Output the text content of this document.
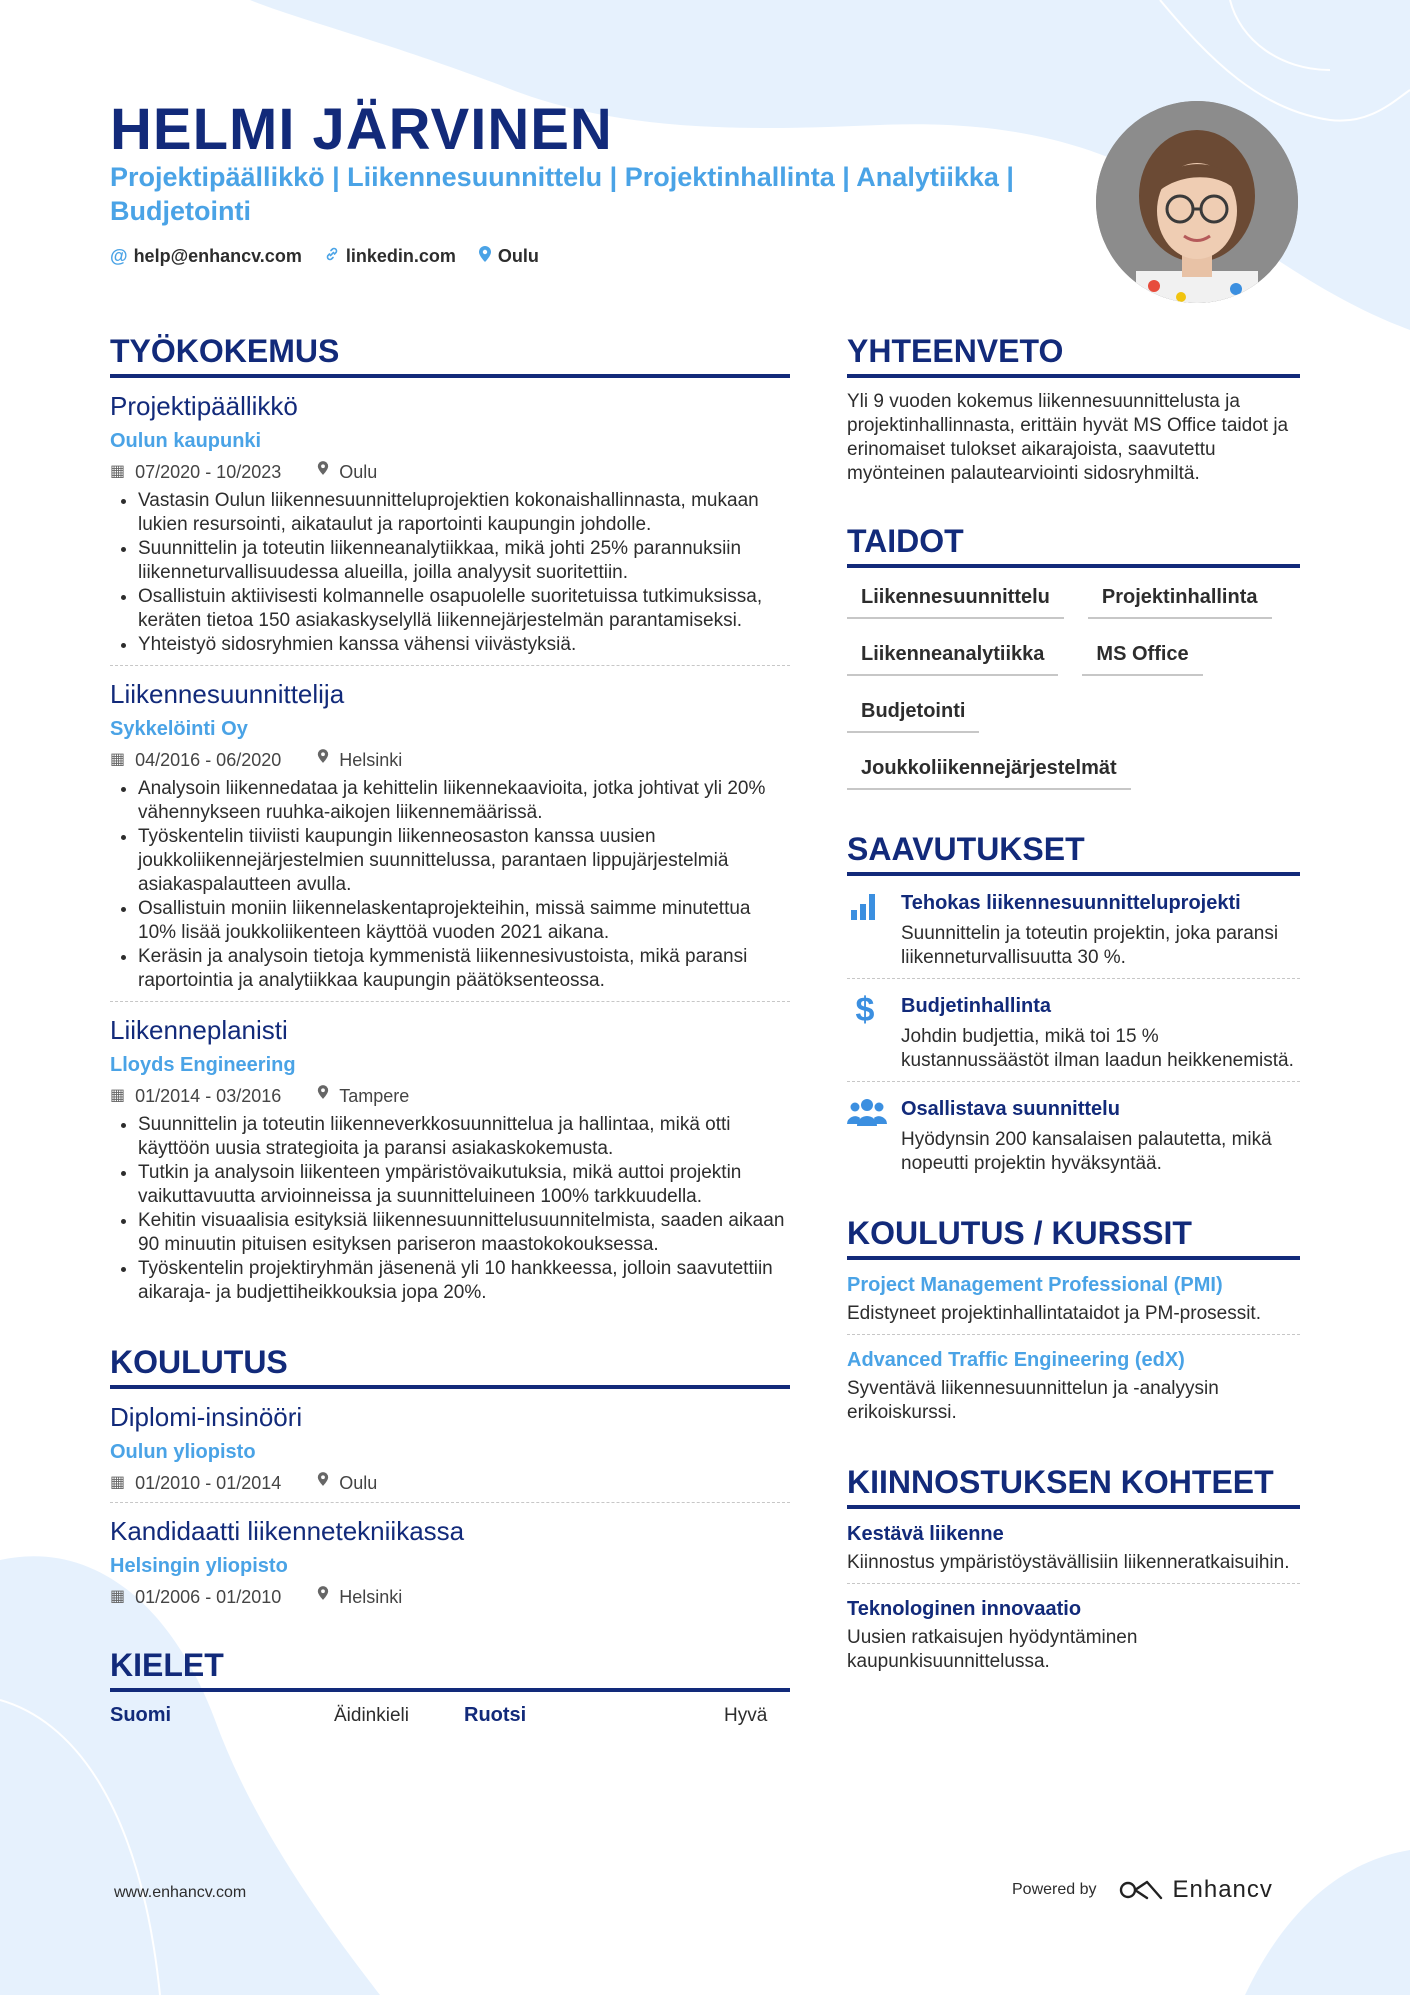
HELMI JÄRVINEN
Projektipäällikkö | Liikennesuunnittelu | Projektinhallinta | Analytiikka | Budjetointi
@ help@enhancv.com linkedin.com Oulu
TYÖKOKEMUS
Projektipäällikkö
Oulun kaupunki
▦ 07/2020 - 10/2023	Oulu
• Vastasin Oulun liikennesuunnitteluprojektien kokonaishallinnasta, mukaan lukien resursointi, aikataulut ja raportointi kaupungin johdolle.
• Suunnittelin ja toteutin liikenneanalytiikkaa, mikä johti 25% parannuksiin liikenneturvallisuudessa alueilla, joilla analyysit suoritettiin.
• Osallistuin aktiivisesti kolmannelle osapuolelle suoritetuissa tutkimuksissa, keräten tietoa 150 asiakaskyselyllä liikennejärjestelmän parantamiseksi.
• Yhteistyö sidosryhmien kanssa vähensi viivästyksiä.
Liikennesuunnittelija
Sykkelöinti Oy
▦ 04/2016 - 06/2020	Helsinki
• Analysoin liikennedataa ja kehittelin liikennekaavioita, jotka johtivat yli 20% vähennykseen ruuhka-aikojen liikennemäärissä.
• Työskentelin tiiviisti kaupungin liikenneosaston kanssa uusien joukkoliikennejärjestelmien suunnittelussa, parantaen lippujärjestelmiä asiakaspalautteen avulla.
• Osallistuin moniin liikennelaskentaprojekteihin, missä saimme minutettua 10% lisää joukkoliikenteen käyttöä vuoden 2021 aikana.
• Keräsin ja analysoin tietoja kymmenistä liikennesivustoista, mikä paransi raportointia ja analytiikkaa kaupungin päätöksenteossa.
Liikenneplanisti
Lloyds Engineering
▦ 01/2014 - 03/2016	Tampere
• Suunnittelin ja toteutin liikenneverkkosuunnittelua ja hallintaa, mikä otti käyttöön uusia strategioita ja paransi asiakaskokemusta.
• Tutkin ja analysoin liikenteen ympäristövaikutuksia, mikä auttoi projektin vaikuttavuutta arvioinneissa ja suunnitteluineen 100% tarkkuudella.
• Kehitin visuaalisia esityksiä liikennesuunnittelusuunnitelmista, saaden aikaan 90 minuutin pituisen esityksen pariseron maastokokouksessa.
• Työskentelin projektiryhmän jäsenenä yli 10 hankkeessa, jolloin saavutettiin aikaraja- ja budjettiheikkouksia jopa 20%.
KOULUTUS
Diplomi-insinööri
Oulun yliopisto
▦ 01/2010 - 01/2014	Oulu
Kandidaatti liikennetekniikassa
Helsingin yliopisto
▦ 01/2006 - 01/2010	Helsinki
KIELET
Suomi	Äidinkieli	Ruotsi	Hyvä
YHTEENVETO
Yli 9 vuoden kokemus liikennesuunnittelusta ja projektinhallinnasta, erittäin hyvät MS Office taidot ja erinomaiset tulokset aikarajoista, saavutettu myönteinen palautearviointi sidosryhmiltä.
TAIDOT
Liikennesuunnittelu	Projektinhallinta
Liikenneanalytiikka	MS Office
Budjetointi
Joukkoliikennejärjestelmät
SAAVUTUKSET
Tehokas liikennesuunnitteluprojekti
Suunnittelin ja toteutin projektin, joka paransi liikenneturvallisuutta 30 %.
$	Budjetinhallinta
Johdin budjettia, mikä toi 15 % kustannussäästöt ilman laadun heikkenemistä.
Osallistava suunnittelu
Hyödynsin 200 kansalaisen palautetta, mikä nopeutti projektin hyväksyntää.
KOULUTUS / KURSSIT
Project Management Professional (PMI)
Edistyneet projektinhallintataidot ja PM-prosessit.
Advanced Traffic Engineering (edX)
Syventävä liikennesuunnittelun ja -analyysin erikoiskurssi.
KIINNOSTUKSEN KOHTEET
Kestävä liikenne
Kiinnostus ympäristöystävällisiin liikenneratkaisuihin.
Teknologinen innovaatio
Uusien ratkaisujen hyödyntäminen kaupunkisuunnittelussa.
www.enhancv.com	Powered by	Enhancv
